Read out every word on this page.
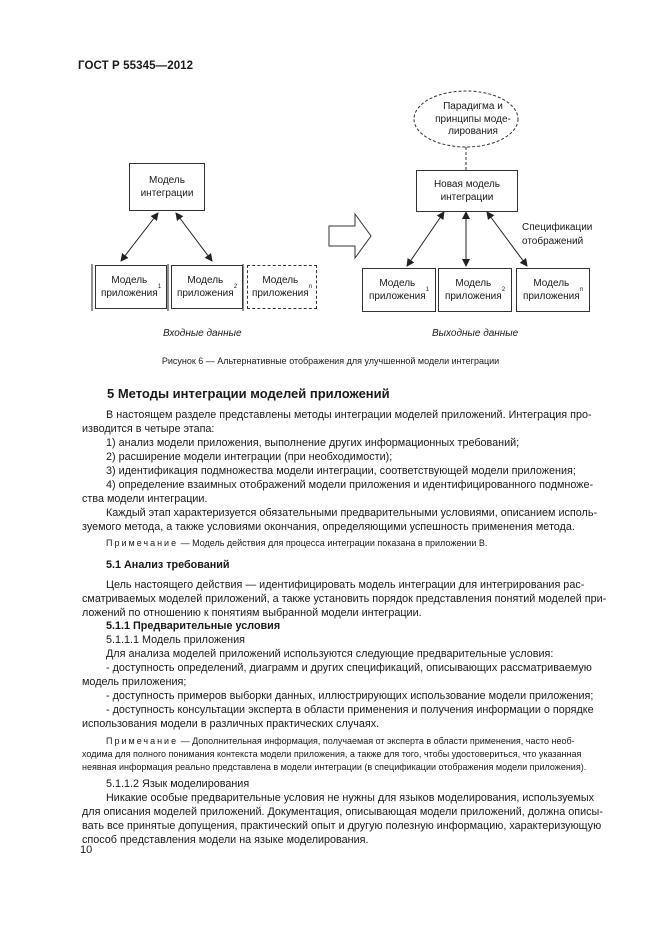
ГОСТ Р 55345—2012
Модель
интеграции
Модель
приложения
1
Модель
приложения
2
Модель
приложения
n
Входные данные
Парадигма и
принципы моде-
лирования
Новая модель
интеграции
Спецификации
отображений
Модель
приложения
1
Модель
приложения
2
Модель
приложения
n
Выходные данные
Рисунок 6 — Альтернативные отображения для улучшенной модели интеграции
5 Методы интеграции моделей приложений
В настоящем разделе представлены методы интеграции моделей приложений. Интеграция про-
изводится в четыре этапа:
1) анализ модели приложения, выполнение других информационных требований;
2) расширение модели интеграции (при необходимости);
3) идентификация подмножества модели интеграции, соответствующей модели приложения;
4) определение взаимных отображений модели приложения и идентифицированного подмноже-
ства модели интеграции.
Каждый этап характеризуется обязательными предварительными условиями, описанием исполь-
зуемого метода, а также условиями окончания, определяющими успешность применения метода.
Примечание — Модель действия для процесса интеграции показана в приложении В.
5.1 Анализ требований
Цель настоящего действия — идентифицировать модель интеграции для интегрирования рас-
сматриваемых моделей приложений, а также установить порядок представления понятий моделей при-
ложений по отношению к понятиям выбранной модели интеграции.
5.1.1 Предварительные условия
5.1.1.1 Модель приложения
Для анализа моделей приложений используются следующие предварительные условия:
- доступность определений, диаграмм и других спецификаций, описывающих рассматриваемую
модель приложения;
- доступность примеров выборки данных, иллюстрирующих использование модели приложения;
- доступность консультации эксперта в области применения и получения информации о порядке
использования модели в различных практических случаях.
Примечание — Дополнительная информация, получаемая от эксперта в области применения, часто необ-
ходима для полного понимания контекста модели приложения, а также для того, чтобы удостовериться, что указанная
неявная информация реально представлена в модели интеграции (в спецификации отображения модели приложения).
5.1.1.2 Язык моделирования
Никакие особые предварительные условия не нужны для языков моделирования, используемых
для описания моделей приложений. Документация, описывающая модели приложений, должна описы-
вать все принятые допущения, практический опыт и другую полезную информацию, характеризующую
способ представления модели на языке моделирования.
10
